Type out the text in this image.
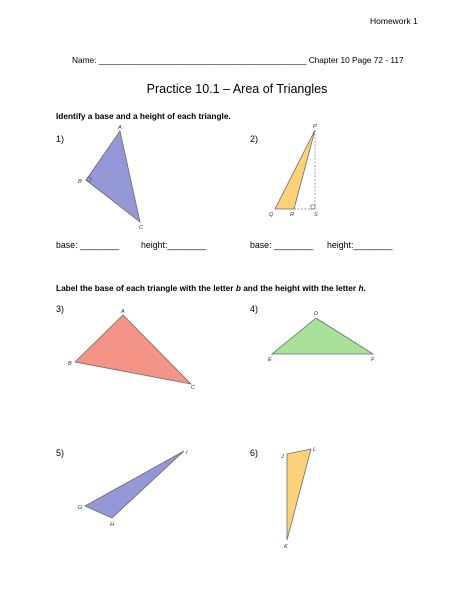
Homework 1
Name: _____________________________________________ Chapter 10 Page 72 - 117
Practice 10.1 – Area of Triangles
Identify a base and a height of each triangle.
1)	2)
base: ________ height:________	base: ________ height:________
Label the base of each triangle with the letter b and the height with the letter h.
3)	4)
5)	6)
A
B
C
P
Q	R	S
A
B
C
D
E	F
G
H
I
J
K
L
